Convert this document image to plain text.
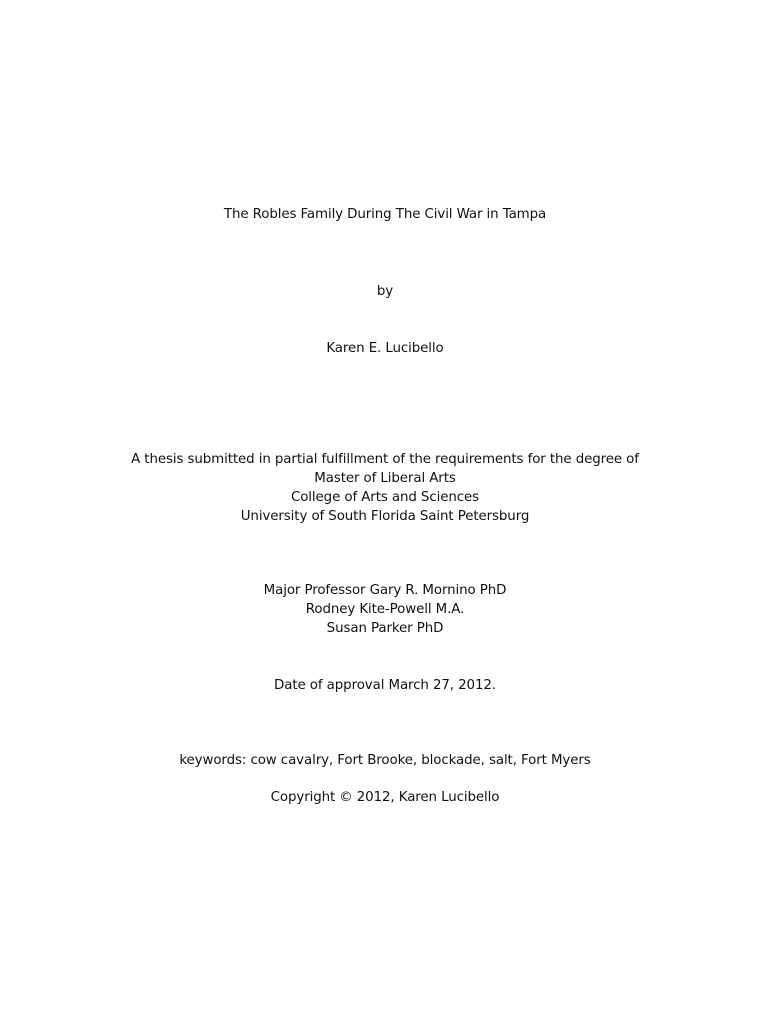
The Robles Family During The Civil War in Tampa
by
Karen E. Lucibello
A thesis submitted in partial fulfillment of the requirements for the degree of
Master of Liberal Arts
College of Arts and Sciences
University of South Florida Saint Petersburg
Major Professor Gary R. Mornino PhD
Rodney Kite-Powell M.A.
Susan Parker PhD
Date of approval March 27, 2012.
keywords: cow cavalry, Fort Brooke, blockade, salt, Fort Myers
Copyright © 2012, Karen Lucibello
